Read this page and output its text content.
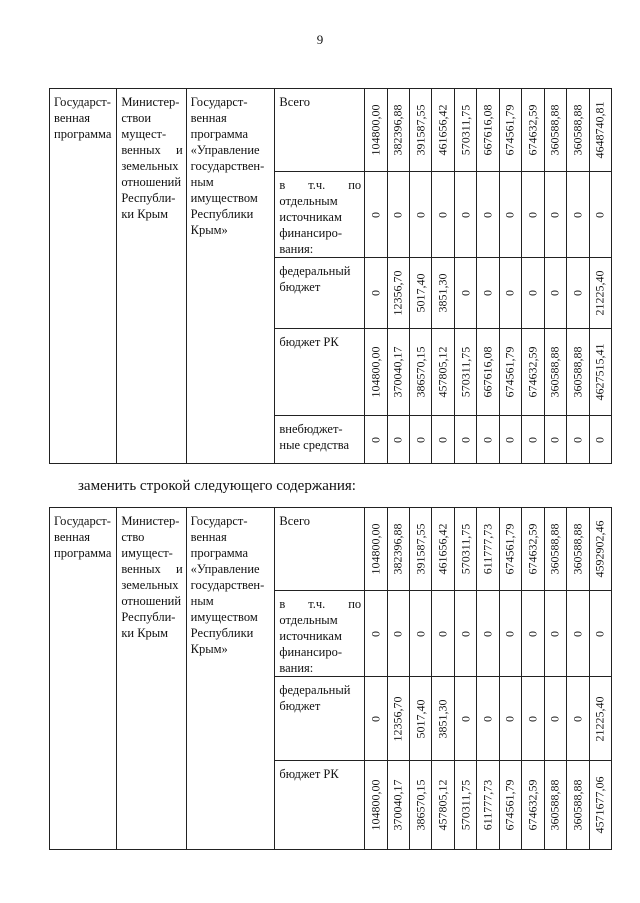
9
Государст-венная программа	Министер-ствои мущест-венных и земельных отношений Республи-ки Крым	Государст-венная программа «Управление государствен-ным имуществом Республики Крым»	Всего	104800,00	382396,88	391587,55	461656,42	570311,75	667616,08	674561,79	674632,59	360588,88	360588,88	4648740,81

			в т.ч. по отдельным источникам финансиро-вания:	0	0	0	0	0	0	0	0	0	0	0

			федеральный бюджет	0	12356,70	5017,40	3851,30	0	0	0	0	0	0	21225,40

			бюджет РК	104800,00	370040,17	386570,15	457805,12	570311,75	667616,08	674561,79	674632,59	360588,88	360588,88	4627515,41

			внебюджет-ные средства	0	0	0	0	0	0	0	0	0	0	0
заменить строкой следующего содержания:
Государст-венная программа	Министер-ство имущест-венных и земельных отношений Республи-ки Крым	Государст-венная программа «Управление государствен-ным имуществом Республики Крым»	Всего	104800,00	382396,88	391587,55	461656,42	570311,75	611777,73	674561,79	674632,59	360588,88	360588,88	4592902,46

			в т.ч. по отдельным источникам финансиро-вания:	0	0	0	0	0	0	0	0	0	0	0

			федеральный бюджет	0	12356,70	5017,40	3851,30	0	0	0	0	0	0	21225,40

			бюджет РК	104800,00	370040,17	386570,15	457805,12	570311,75	611777,73	674561,79	674632,59	360588,88	360588,88	4571677,06
